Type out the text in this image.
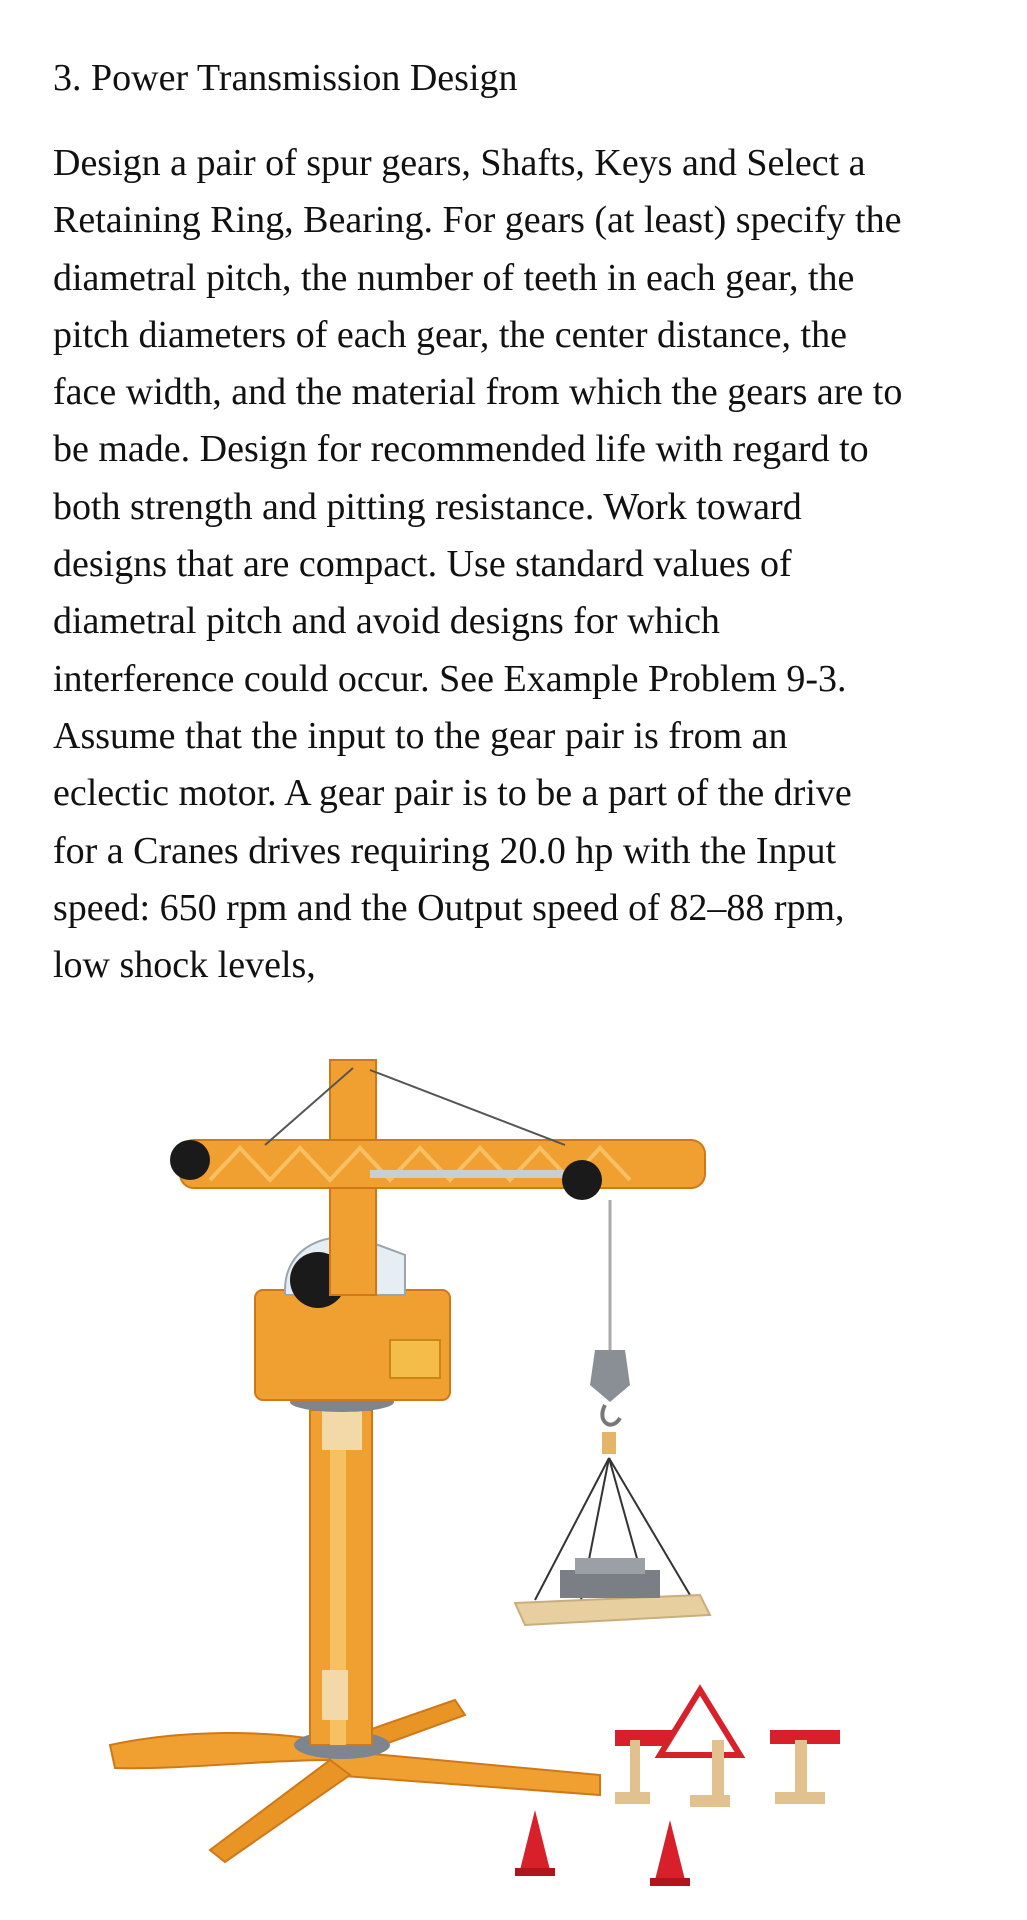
3. Power Transmission Design
Design a pair of spur gears, Shafts, Keys and Select a
Retaining Ring, Bearing. For gears (at least) specify the
diametral pitch, the number of teeth in each gear, the
pitch diameters of each gear, the center distance, the
face width, and the material from which the gears are to
be made. Design for recommended life with regard to
both strength and pitting resistance. Work toward
designs that are compact. Use standard values of
diametral pitch and avoid designs for which
interference could occur. See Example Problem 9-3.
Assume that the input to the gear pair is from an
eclectic motor. A gear pair is to be a part of the drive
for a Cranes drives requiring 20.0 hp with the Input
speed: 650 rpm and the Output speed of 82–88 rpm,
low shock levels,
